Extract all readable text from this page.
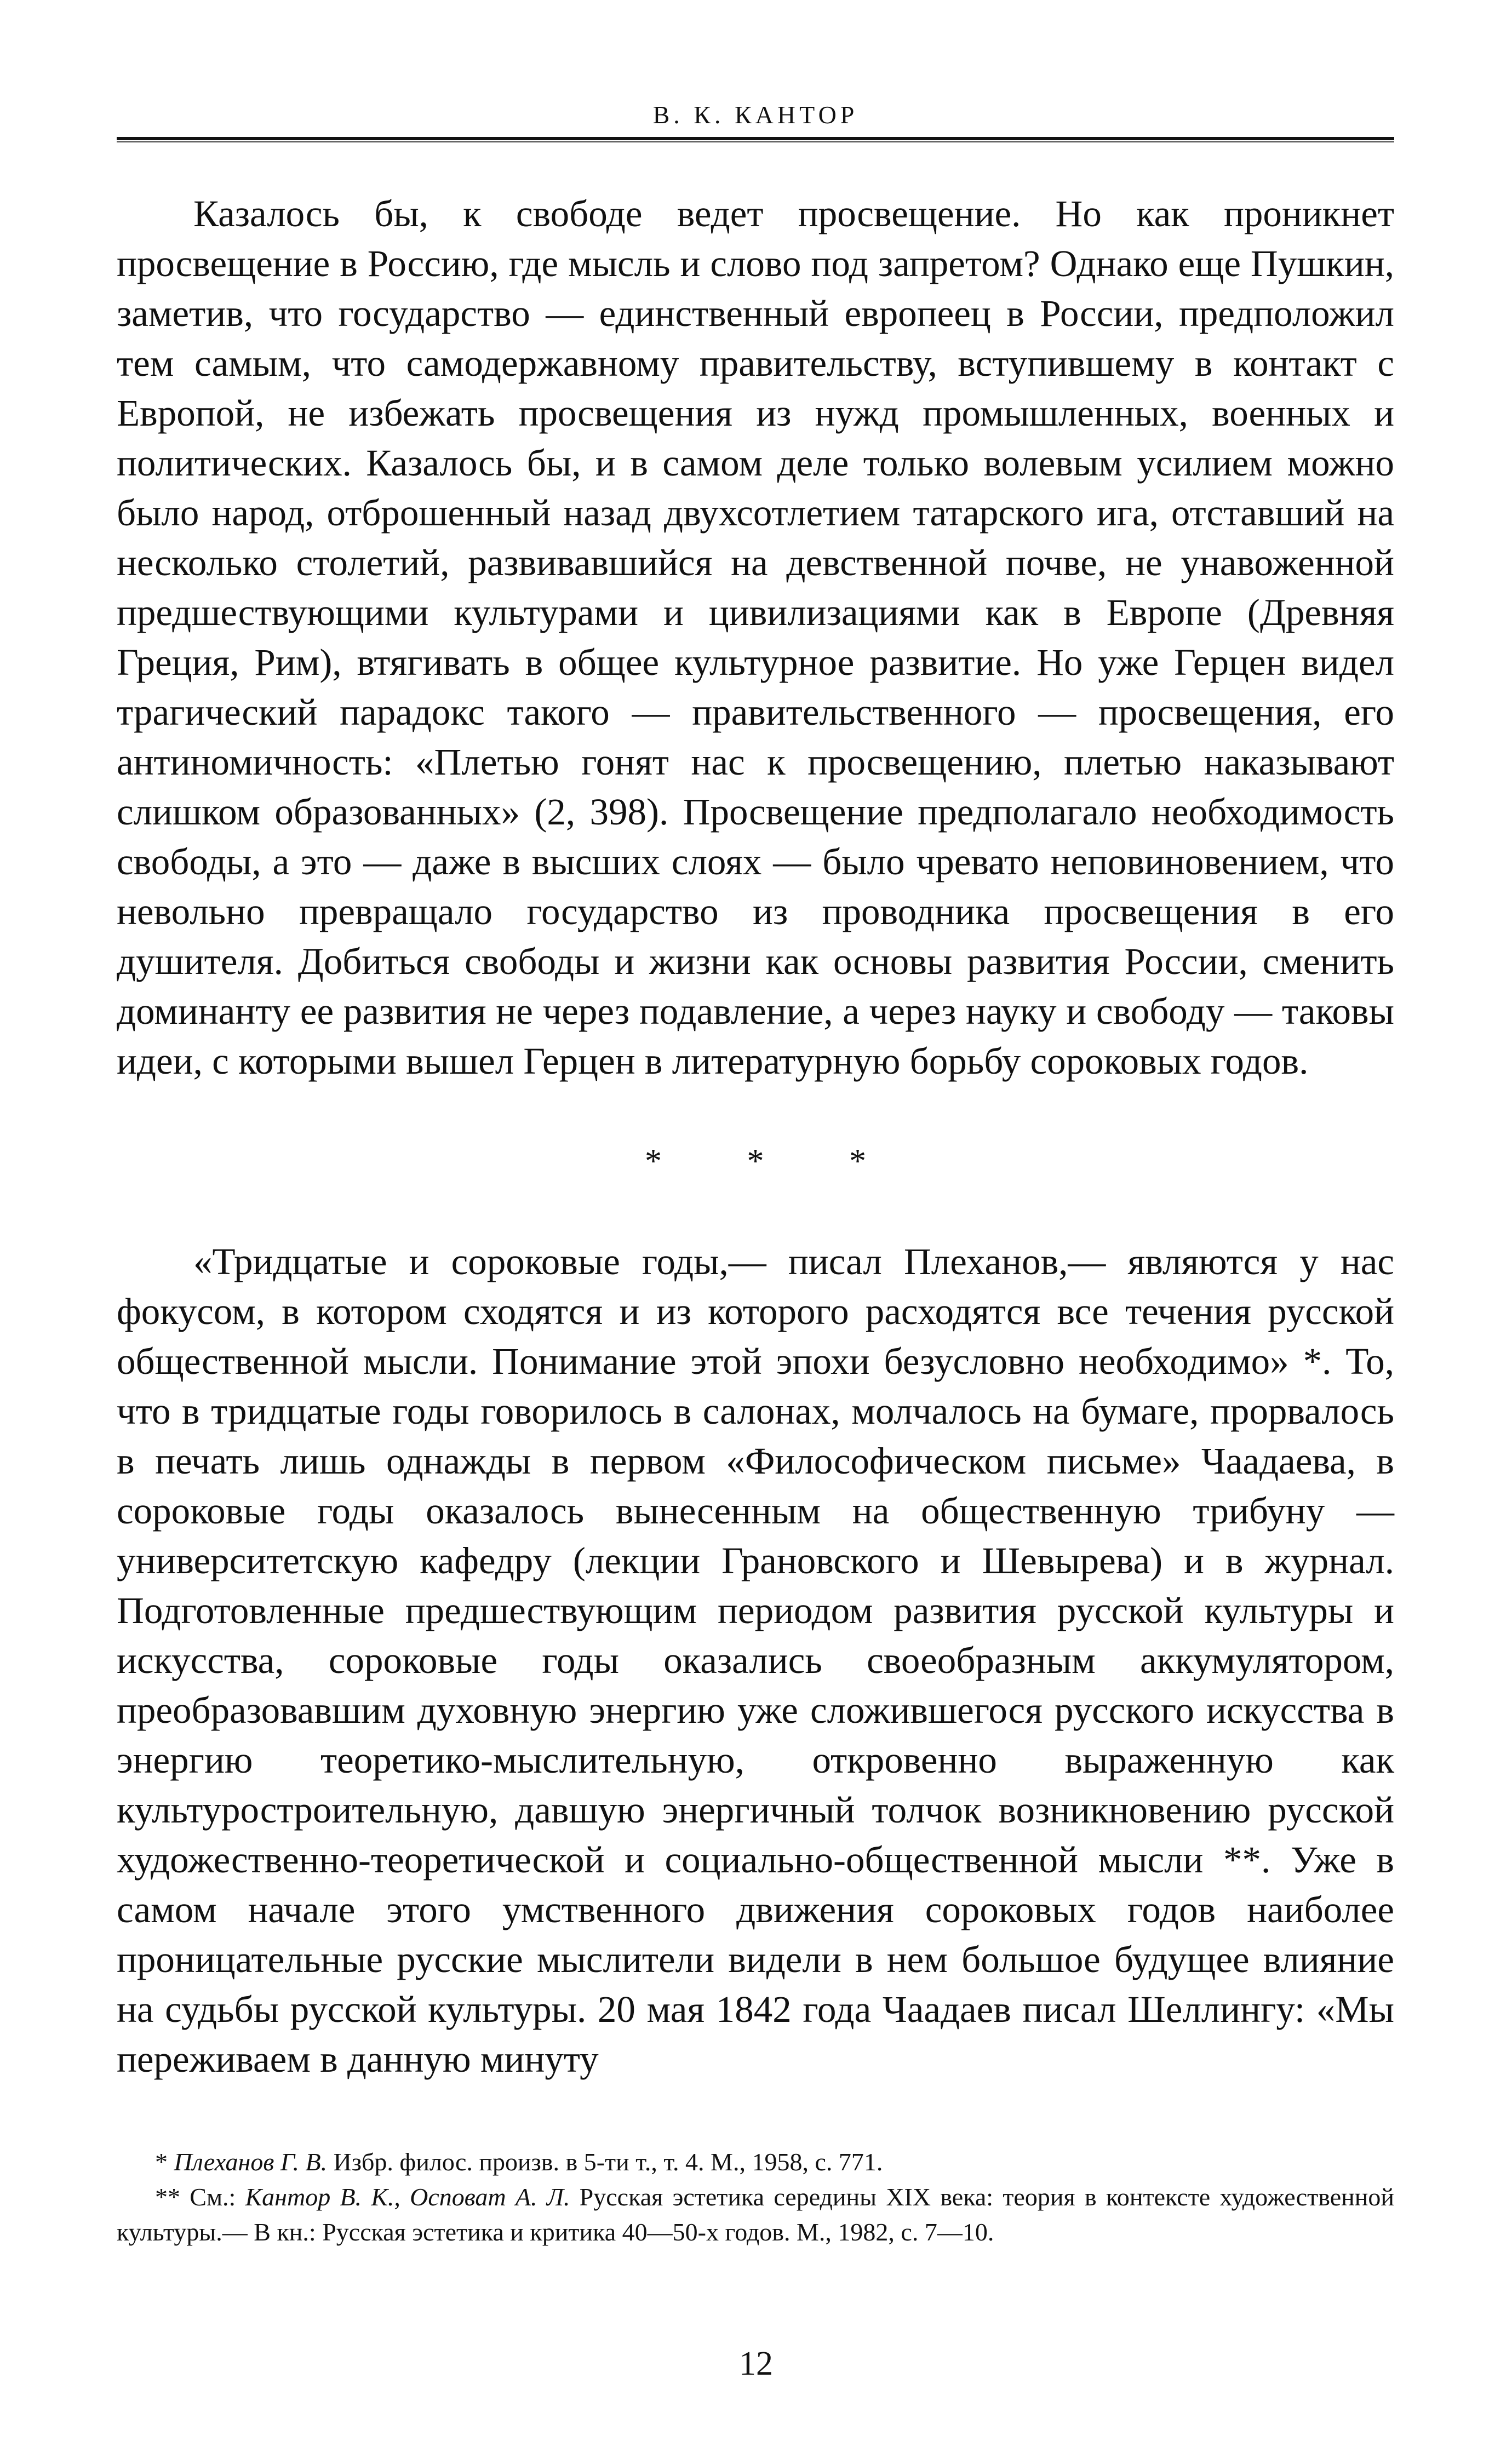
В. К. КАНТОР

Казалось бы, к свободе ведет просвещение. Но как проникнет просвещение в Россию, где мысль и слово под запретом? Однако еще Пушкин, заметив, что государство — единственный европеец в России, предположил тем самым, что самодержавному правительству, вступившему в контакт с Европой, не избежать просвещения из нужд промышленных, военных и политических. Казалось бы, и в самом деле только волевым усилием можно было народ, отброшенный назад двухсотлетием татарского ига, отставший на несколько столетий, развивавшийся на девственной почве, не унавоженной предшествующими культурами и цивилизациями как в Европе (Древняя Греция, Рим), втягивать в общее культурное развитие. Но уже Герцен видел трагический парадокс такого — правительственного — просвещения, его антиномичность: «Плетью гонят нас к просвещению, плетью наказывают слишком образованных» (2, 398). Просвещение предполагало необходимость свободы, а это — даже в высших слоях — было чревато неповиновением, что невольно превращало государство из проводника просвещения в его душителя. Добиться свободы и жизни как основы развития России, сменить доминанту ее развития не через подавление, а через науку и свободу — таковы идеи, с которыми вышел Герцен в литературную борьбу сороковых годов.

* * *

«Тридцатые и сороковые годы,— писал Плеханов,— являются у нас фокусом, в котором сходятся и из которого расходятся все течения русской общественной мысли. Понимание этой эпохи безусловно необходимо» *. То, что в тридцатые годы говорилось в салонах, молчалось на бумаге, прорвалось в печать лишь однажды в первом «Философическом письме» Чаадаева, в сороковые годы оказалось вынесенным на общественную трибуну — университетскую кафедру (лекции Грановского и Шевырева) и в журнал. Подготовленные предшествующим периодом развития русской культуры и искусства, сороковые годы оказались своеобразным аккумулятором, преобразовавшим духовную энергию уже сложившегося русского искусства в энергию теоретико-мыслительную, откровенно выраженную как культуростроительную, давшую энергичный толчок возникновению русской художественно-теоретической и социально-общественной мысли **. Уже в самом начале этого умственного движения сороковых годов наиболее проницательные русские мыслители видели в нем большое будущее влияние на судьбы русской культуры. 20 мая 1842 года Чаадаев писал Шеллингу: «Мы переживаем в данную минуту

* Плеханов Г. В. Избр. филос. произв. в 5-ти т., т. 4. М., 1958, с. 771.

** См.: Кантор В. К., Осповат А. Л. Русская эстетика середины XIX века: теория в контексте художественной культуры.— В кн.: Русская эстетика и критика 40—50-х годов. М., 1982, с. 7—10.

12
